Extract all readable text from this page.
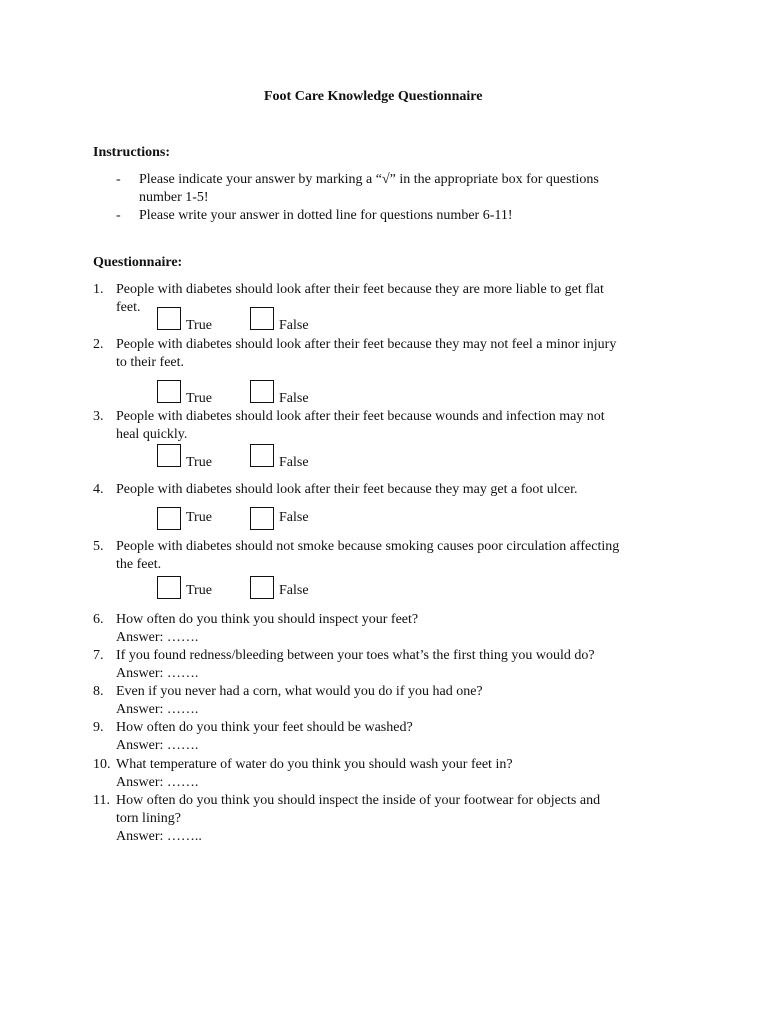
Foot Care Knowledge Questionnaire
Instructions:
- Please indicate your answer by marking a “√” in the appropriate box for questions
number 1-5!
- Please write your answer in dotted line for questions number 6-11!
Questionnaire:
1. People with diabetes should look after their feet because they are more liable to get flat
feet.
True	False
2. People with diabetes should look after their feet because they may not feel a minor injury
to their feet.
True	False
3. People with diabetes should look after their feet because wounds and infection may not
heal quickly.
True	False
4. People with diabetes should look after their feet because they may get a foot ulcer.
True	False
5. People with diabetes should not smoke because smoking causes poor circulation affecting
the feet.
True	False
6. How often do you think you should inspect your feet?
Answer: …….
7. If you found redness/bleeding between your toes what’s the first thing you would do?
Answer: …….
8. Even if you never had a corn, what would you do if you had one?
Answer: …….
9. How often do you think your feet should be washed?
Answer: …….
10. What temperature of water do you think you should wash your feet in?
Answer: …….
11. How often do you think you should inspect the inside of your footwear for objects and
torn lining?
Answer: ……..
